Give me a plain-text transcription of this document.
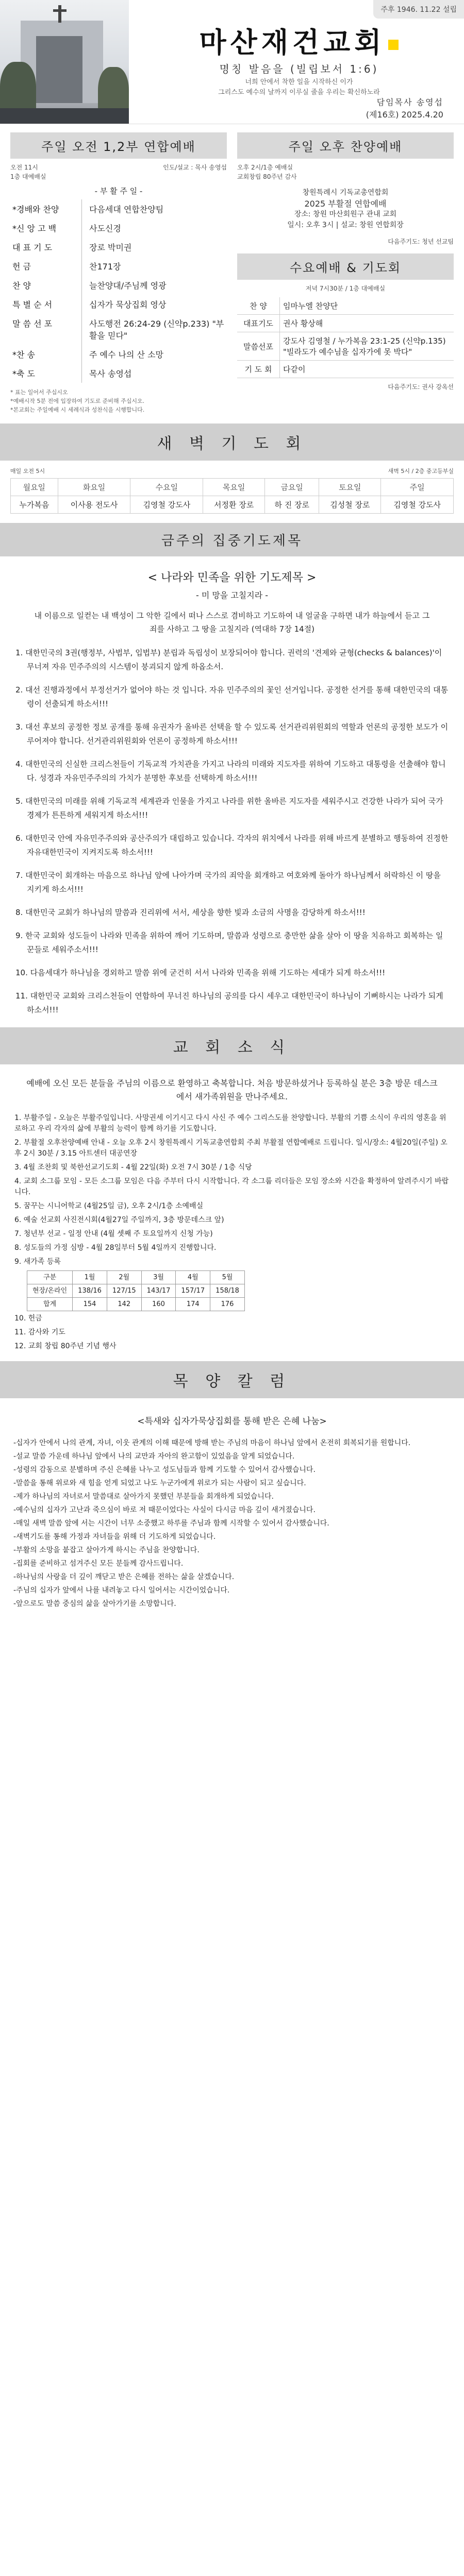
주후 1946. 11.22 설립
마산재건교회
명칭 발음을 (빌립보서 1:6)
너희 안에서 착한 일을 시작하신 이가
그리스도 예수의 날까지 이루실 줄을 우리는 확신하노라
담임목사 송영섭
(제16호) 2025.4.20
주일 오전 1,2부 연합예배
오전 11시
1층 대예배실
인도/설교 : 목사 송영섭
- 부 활 주 일 -
*경배와 찬양	다음세대 연합찬양팀
*신 앙 고 백	사도신경
대 표 기 도	장로 박미권
헌 금	찬171장
찬 양	늘찬양대/주님께 영광
특 별 순 서	십자가 묵상집회 영상
말 씀 선 포	사도행전 26:24-29 (신약p.233) "부활을 믿다"
*찬 송	주 예수 나의 산 소망
*축 도	목사 송영섭
* 표는 일어서 주십시오
*예배시작 5분 전에 입장하여 기도로 준비해 주십시오.
*본교회는 주일예배 시 세례식과 성찬식을 시행합니다.
주일 오후 찬양예배
오후 2시/1층 예배실
교회창립 80주년 감사
창원특례시 기독교총연합회
2025 부활절 연합예배
장소: 창원 마산회원구 관내 교회
일시: 오후 3시 | 설교: 창원 연합회장
다음주기도: 청년 선교팀
수요예배 & 기도회
저녁 7시30분 / 1층 대예배실
찬 양	임마누엘 찬양단
대표기도	권사 황상해
말씀선포	강도사 김영철 / 누가복음 23:1-25 (신약p.135) "빌라도가 예수님을 십자가에 못 박다"
기 도 회	다같이
다음주기도: 권사 강옥선
새 벽 기 도 회
매일 오전 5시	새벽 5시 / 2층 중고등부실
월요일	화요일	수요일	목요일	금요일	토요일	주일
누가복음	이사용 전도사	김영철 강도사	서정환 장로	하 진 장로	김성철 장로	김영철 강도사
금주의 집중기도제목
< 나라와 민족을 위한 기도제목 >
- 미 망을 고칠지라 -
내 이름으로 일컫는 내 백성이 그 악한 길에서 떠나 스스로 겸비하고 기도하여 내 얼굴을 구하면 내가 하늘에서 듣고 그 죄를 사하고 그 땅을 고칠지라 (역대하 7장 14절)

1. 대한민국의 3권(행정부, 사법부, 입법부) 분립과 독립성이 보장되어야 합니다. 권력의 '견제와 균형(checks & balances)'이 무너져 자유 민주주의의 시스템이 붕괴되지 않게 하옵소서.

2. 대선 진행과정에서 부정선거가 없어야 하는 것 입니다. 자유 민주주의의 꽃인 선거입니다. 공정한 선거를 통해 대한민국의 대통령이 선출되게 하소서!!!

3. 대선 후보의 공정한 정보 공개를 통해 유권자가 올바른 선택을 할 수 있도록 선거관리위원회의 역할과 언론의 공정한 보도가 이루어져야 합니다. 선거관리위원회와 언론이 공정하게 하소서!!!

4. 대한민국의 신실한 크리스천들이 기독교적 가치관을 가지고 나라의 미래와 지도자를 위하여 기도하고 대통령을 선출해야 합니다. 성경과 자유민주주의의 가치가 분명한 후보를 선택하게 하소서!!!

5. 대한민국의 미래를 위해 기독교적 세계관과 인물을 가지고 나라를 위한 올바른 지도자를 세워주시고 건강한 나라가 되어 국가 경제가 튼튼하게 세워지게 하소서!!!

6. 대한민국 안에 자유민주주의와 공산주의가 대립하고 있습니다. 각자의 위치에서 나라를 위해 바르게 분별하고 행동하여 진정한 자유대한민국이 지켜지도록 하소서!!!

7. 대한민국이 회개하는 마음으로 하나님 앞에 나아가며 국가의 죄악을 회개하고 여호와께 돌아가 하나님께서 허락하신 이 땅을 지키게 하소서!!!

8. 대한민국 교회가 하나님의 말씀과 진리위에 서서, 세상을 향한 빛과 소금의 사명을 감당하게 하소서!!!

9. 한국 교회와 성도들이 나라와 민족을 위하여 깨어 기도하며, 말씀과 성령으로 충만한 삶을 살아 이 땅을 치유하고 회복하는 일꾼들로 세워주소서!!!

10. 다음세대가 하나님을 경외하고 말씀 위에 굳건히 서서 나라와 민족을 위해 기도하는 세대가 되게 하소서!!!

11. 대한민국 교회와 크리스천들이 연합하여 무너진 하나님의 공의를 다시 세우고 대한민국이 하나님이 기뻐하시는 나라가 되게 하소서!!!

교 회 소 식
예배에 오신 모든 분들을 주님의 이름으로 환영하고 축복합니다. 처음 방문하셨거나 등록하실 분은 3층 방문 데스크에서 새가족위원을 만나주세요.
1. 부활주일 - 오늘은 부활주일입니다. 사망권세 이기시고 다시 사신 주 예수 그리스도를 찬양합니다. 부활의 기쁨 소식이 우리의 영혼을 위로하고 우리 각자의 삶에 부활의 능력이 함께 하기를 기도합니다.
2. 부활절 오후찬양예배 안내 - 오늘 오후 2시 창원특례시 기독교총연합회 주최 부활절 연합예배로 드립니다. 일시/장소: 4월20일(주일) 오후 2시 30분 / 3.15 아트센터 대공연장
3. 4월 조찬회 및 북한선교기도회 - 4월 22일(화) 오전 7시 30분 / 1층 식당
4. 교회 소그룹 모임 - 모든 소그룹 모임은 다음 주부터 다시 시작합니다. 각 소그룹 리더들은 모임 장소와 시간을 확정하여 알려주시기 바랍니다.
5. 꿈꾸는 시니어학교 (4월25일 금), 오후 2시/1층 소예배실
6. 예술 선교회 사진전시회(4월27일 주일까지, 3층 방문데스크 앞)
7. 청년부 선교 - 일정 안내 (4월 셋째 주 토요일까지 신청 가능)
8. 성도들의 가정 심방 - 4월 28일부터 5월 4일까지 진행합니다.
9. 새가족 등록
구분	1월	2월	3월	4월	5월
현장/온라인	138/16	127/15	143/17	157/17	158/18
합계	154	142	160	174	176
10. 헌금
11. 감사와 기도
12. 교회 창립 80주년 기념 행사
목 양 칼 럼
<특새와 십자가묵상집회를 통해 받은 은혜 나눔>

-십자가 안에서 나의 관계, 자녀, 이웃 관계의 이해 때문에 방해 받는 주님의 마음이 하나님 앞에서 온전히 회복되기를 원합니다.

-설교 말씀 가운데 하나님 앞에서 나의 교만과 자아의 완고함이 있었음을 알게 되었습니다.

-성령의 감동으로 분별하며 주신 은혜를 나누고 성도님들과 함께 기도할 수 있어서 감사했습니다.

-말씀을 통해 위로와 새 힘을 얻게 되었고 나도 누군가에게 위로가 되는 사람이 되고 싶습니다.

-제가 하나님의 자녀로서 말씀대로 살아가지 못했던 부분들을 회개하게 되었습니다.

-예수님의 십자가 고난과 죽으심이 바로 저 때문이었다는 사실이 다시금 마음 깊이 새겨졌습니다.

-매일 새벽 말씀 앞에 서는 시간이 너무 소중했고 하루를 주님과 함께 시작할 수 있어서 감사했습니다.

-새벽기도를 통해 가정과 자녀들을 위해 더 기도하게 되었습니다.

-부활의 소망을 붙잡고 살아가게 하시는 주님을 찬양합니다.

-집회를 준비하고 섬겨주신 모든 분들께 감사드립니다.

-하나님의 사랑을 더 깊이 깨닫고 받은 은혜를 전하는 삶을 살겠습니다.

-주님의 십자가 앞에서 나를 내려놓고 다시 일어서는 시간이었습니다.

-앞으로도 말씀 중심의 삶을 살아가기를 소망합니다.
